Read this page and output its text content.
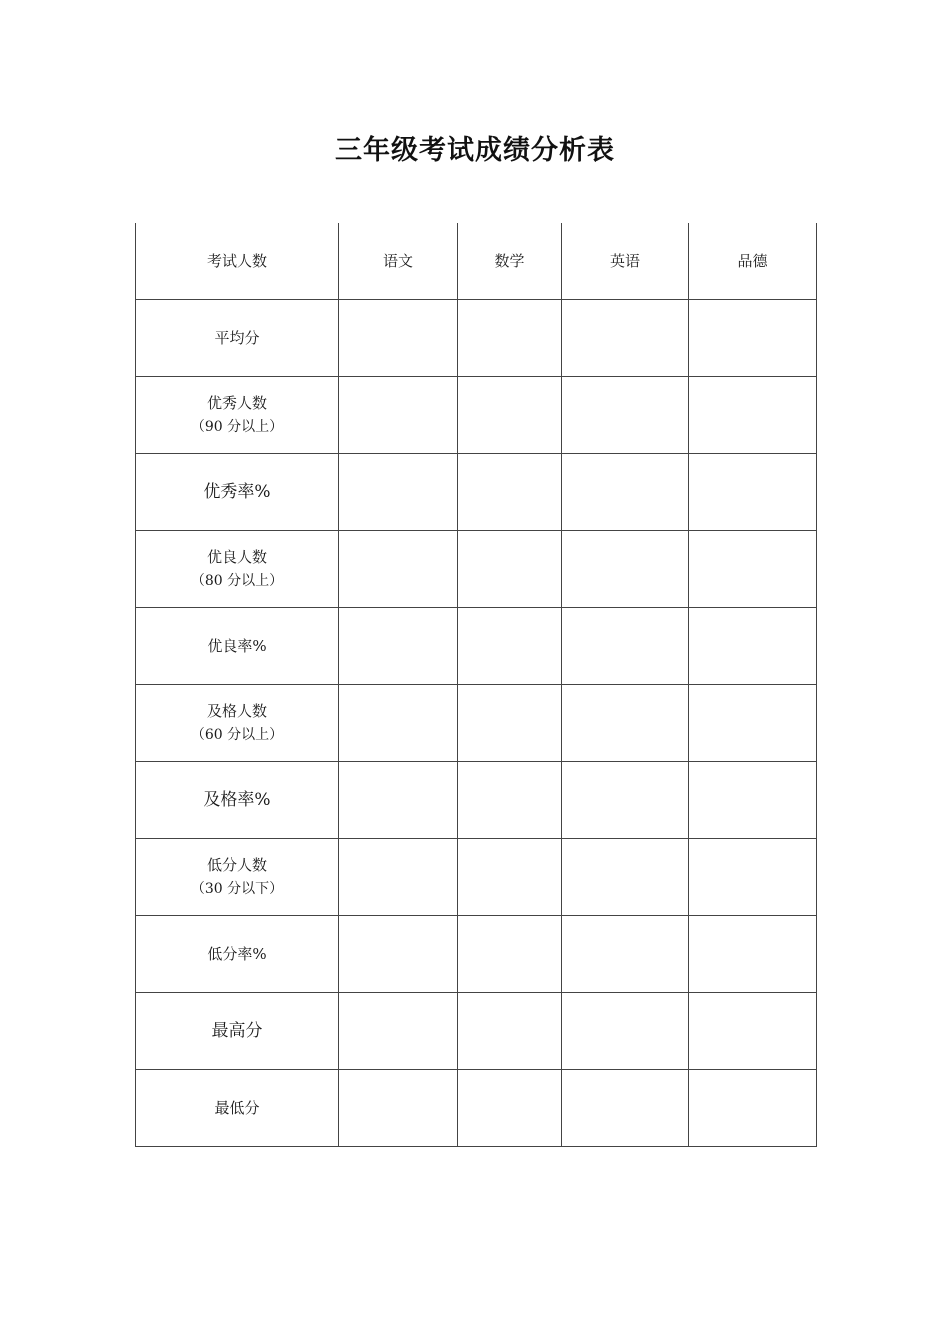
三年级考试成绩分析表
考试人数	语文	数学	英语	品德

平均分				

优秀人数
（90 分以上）				

优秀率%				

优良人数
（80 分以上）				

优良率%				

及格人数
（60 分以上）				

及格率%				

低分人数
（30 分以下）				

低分率%				

最高分				

最低分				
